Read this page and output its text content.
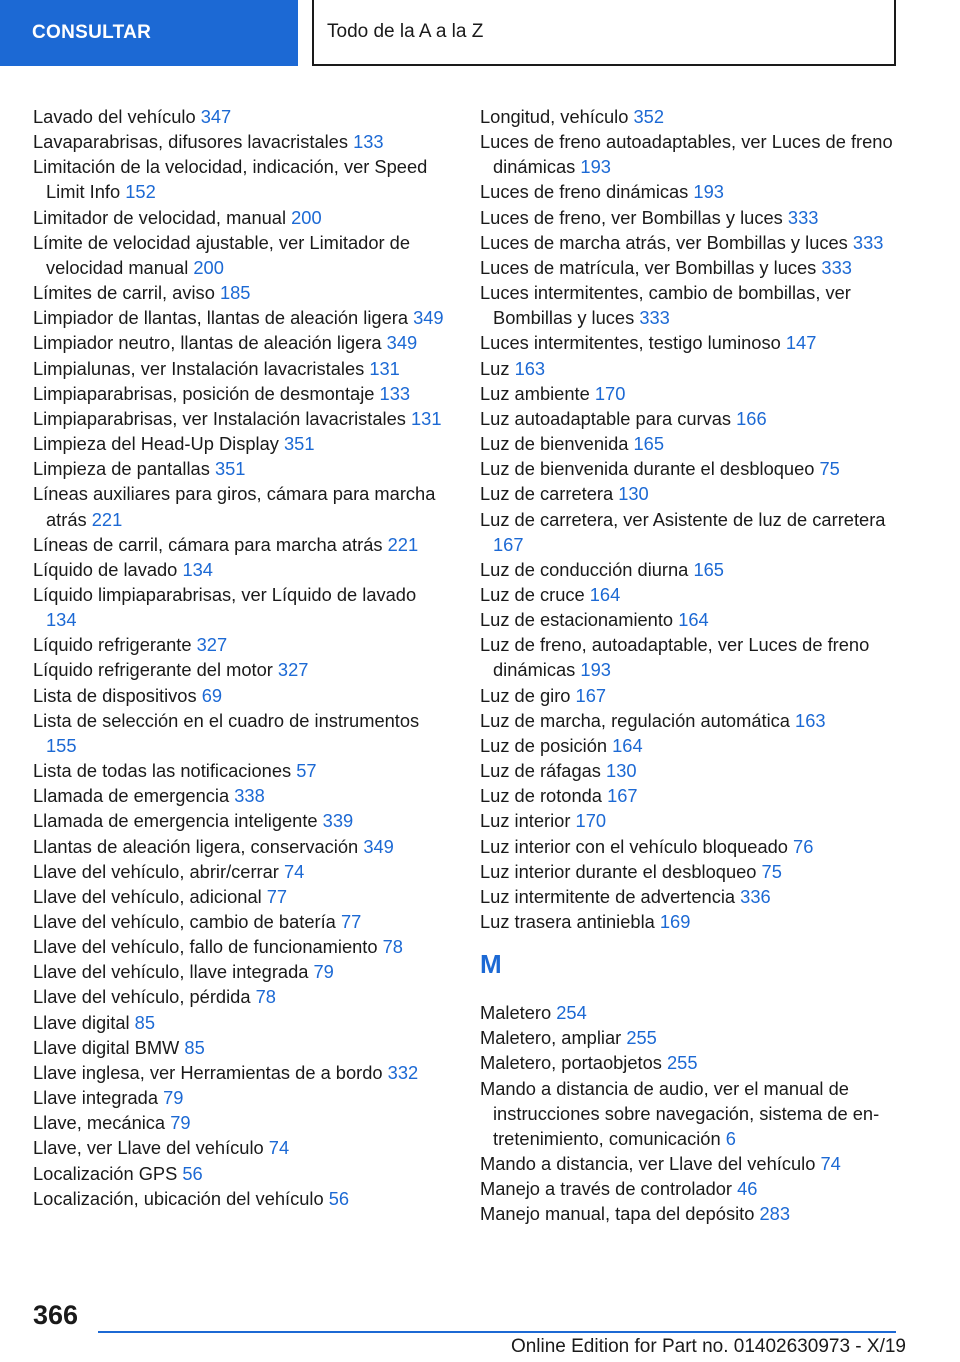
CONSULTAR	Todo de la A a la Z
Lavado del vehículo 347
Lavaparabrisas, difusores lavacristales 133
Limitación de la velocidad, indicación, ver Speed Limit Info 152
Limitador de velocidad, manual 200
Límite de velocidad ajustable, ver Limitador de velocidad manual 200
Límites de carril, aviso 185
Limpiador de llantas, llantas de aleación ligera 349
Limpiador neutro, llantas de aleación ligera 349
Limpialunas, ver Instalación lavacristales 131
Limpiaparabrisas, posición de desmontaje 133
Limpiaparabrisas, ver Instalación lavacristales 131
Limpieza del Head-Up Display 351
Limpieza de pantallas 351
Líneas auxiliares para giros, cámara para marcha atrás 221
Líneas de carril, cámara para marcha atrás 221
Líquido de lavado 134
Líquido limpiaparabrisas, ver Líquido de lavado 134
Líquido refrigerante 327
Líquido refrigerante del motor 327
Lista de dispositivos 69
Lista de selección en el cuadro de instrumentos 155
Lista de todas las notificaciones 57
Llamada de emergencia 338
Llamada de emergencia inteligente 339
Llantas de aleación ligera, conservación 349
Llave del vehículo, abrir/cerrar 74
Llave del vehículo, adicional 77
Llave del vehículo, cambio de batería 77
Llave del vehículo, fallo de funcionamiento 78
Llave del vehículo, llave integrada 79
Llave del vehículo, pérdida 78
Llave digital 85
Llave digital BMW 85
Llave inglesa, ver Herramientas de a bordo 332
Llave integrada 79
Llave, mecánica 79
Llave, ver Llave del vehículo 74
Localización GPS 56
Localización, ubicación del vehículo 56
Longitud, vehículo 352
Luces de freno autoadaptables, ver Luces de freno dinámicas 193
Luces de freno dinámicas 193
Luces de freno, ver Bombillas y luces 333
Luces de marcha atrás, ver Bombillas y luces 333
Luces de matrícula, ver Bombillas y luces 333
Luces intermitentes, cambio de bombillas, ver Bombillas y luces 333
Luces intermitentes, testigo luminoso 147
Luz 163
Luz ambiente 170
Luz autoadaptable para curvas 166
Luz de bienvenida 165
Luz de bienvenida durante el desbloqueo 75
Luz de carretera 130
Luz de carretera, ver Asistente de luz de carretera 167
Luz de conducción diurna 165
Luz de cruce 164
Luz de estacionamiento 164
Luz de freno, autoadaptable, ver Luces de freno dinámicas 193
Luz de giro 167
Luz de marcha, regulación automática 163
Luz de posición 164
Luz de ráfagas 130
Luz de rotonda 167
Luz interior 170
Luz interior con el vehículo bloqueado 76
Luz interior durante el desbloqueo 75
Luz intermitente de advertencia 336
Luz trasera antiniebla 169
M
Maletero 254
Maletero, ampliar 255
Maletero, portaobjetos 255
Mando a distancia de audio, ver el manual de instrucciones sobre navegación, sistema de entretenimiento, comunicación 6
Mando a distancia, ver Llave del vehículo 74
Manejo a través de controlador 46
Manejo manual, tapa del depósito 283
366
Online Edition for Part no. 01402630973 - X/19
